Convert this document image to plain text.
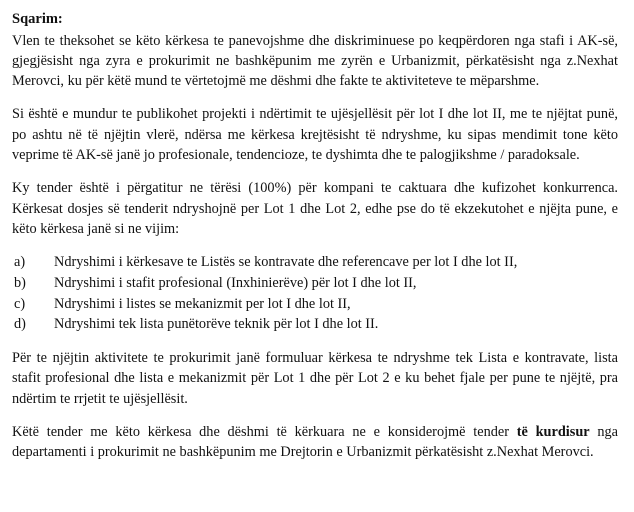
Sqarim:

Vlen te theksohet se këto kërkesa te panevojshme dhe diskriminuese po keqpërdoren nga stafi i AK-së, gjegjësisht nga zyra e prokurimit ne bashkëpunim me zyrën e Urbanizmit, përkatësisht nga z.Nexhat Merovci, ku për këtë mund te vërtetojmë me dëshmi dhe fakte te aktiviteteve te mëparshme.

Si është e mundur te publikohet projekti i ndërtimit te ujësjellësit për lot I dhe lot II, me te njëjtat punë, po ashtu në të njëjtin vlerë, ndërsa me kërkesa krejtësisht të ndryshme, ku sipas mendimit tone këto veprime të AK-së janë jo profesionale, tendencioze, te dyshimta dhe te palogjikshme / paradoksale.

Ky tender është i përgatitur ne tërësi (100%) për kompani te caktuara dhe kufizohet konkurrenca. Kërkesat dosjes së tenderit ndryshojnë per Lot 1 dhe Lot 2, edhe pse do të ekzekutohet e njëjta pune, e këto kërkesa janë si ne vijim:

a)	Ndryshimi i kërkesave te Listës se kontravate dhe referencave per lot I dhe lot II,
b)	Ndryshimi i stafit profesional (Inxhinierëve) për lot I dhe lot II,
c)	Ndryshimi i listes se mekanizmit per lot I dhe lot II,
d)	Ndryshimi tek lista punëtorëve teknik për lot I dhe lot II.

Për te njëjtin aktivitete te prokurimit janë formuluar kërkesa te ndryshme tek Lista e kontravate, lista stafit profesional dhe lista e mekanizmit për Lot 1 dhe për Lot 2 e ku behet fjale per pune te njëjtë, pra ndërtim te rrjetit te ujësjellësit.

Këtë tender me këto kërkesa dhe dëshmi të kërkuara ne e konsiderojmë tender të kurdisur nga departamenti i prokurimit ne bashkëpunim me Drejtorin e Urbanizmit përkatësisht z.Nexhat Merovci.
